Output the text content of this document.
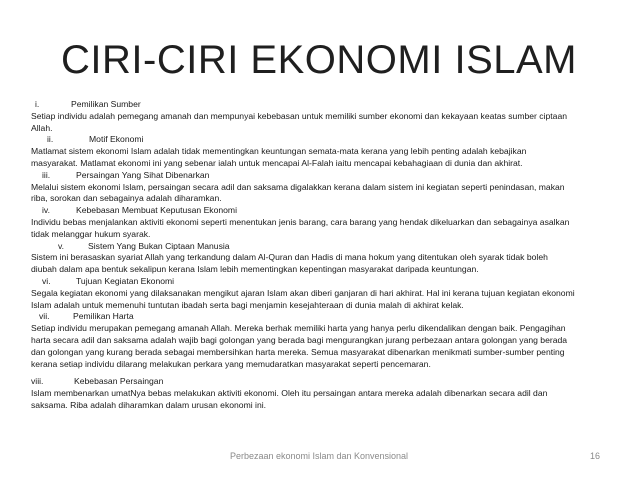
CIRI-CIRI EKONOMI ISLAM
i.	Pemilikan Sumber
Setiap individu adalah pemegang amanah dan mempunyai kebebasan untuk memiliki sumber ekonomi dan kekayaan keatas sumber ciptaan
Allah.
ii.	Motif Ekonomi
Matlamat sistem ekonomi Islam adalah tidak mementingkan keuntungan semata-mata kerana yang lebih penting adalah kebajikan
masyarakat. Matlamat ekonomi ini yang sebenar ialah untuk mencapai Al-Falah iaitu mencapai kebahagiaan di dunia dan akhirat.
iii.	Persaingan Yang Sihat Dibenarkan
Melalui sistem ekonomi Islam, persaingan secara adil dan saksama digalakkan kerana dalam sistem ini kegiatan seperti penindasan, makan
riba, sorokan dan sebagainya adalah diharamkan.
iv.	Kebebasan Membuat Keputusan Ekonomi
Individu bebas menjalankan aktiviti ekonomi seperti menentukan jenis barang, cara barang yang hendak dikeluarkan dan sebagainya asalkan
tidak melanggar hukum syarak.
v.	Sistem Yang Bukan Ciptaan Manusia
Sistem ini berasaskan syariat Allah yang terkandung dalam Al-Quran dan Hadis di mana hokum yang ditentukan oleh syarak tidak boleh
diubah dalam apa bentuk sekalipun kerana Islam lebih mementingkan kepentingan masyarakat daripada keuntungan.
vi.	Tujuan Kegiatan Ekonomi
Segala kegiatan ekonomi yang dilaksanakan mengikut ajaran Islam akan diberi ganjaran di hari akhirat. Hal ini kerana tujuan kegiatan ekonomi
Islam adalah untuk memenuhi tuntutan ibadah serta bagi menjamin kesejahteraan di dunia malah di akhirat kelak.
vii.	Pemilikan Harta
Setiap individu merupakan pemegang amanah Allah. Mereka berhak memiliki harta yang hanya perlu dikendalikan dengan baik. Pengagihan
harta secara adil dan saksama adalah wajib bagi golongan yang berada bagi mengurangkan jurang perbezaan antara golongan yang berada
dan golongan yang kurang berada sebagai membersihkan harta mereka. Semua masyarakat dibenarkan menikmati sumber-sumber penting
kerana setiap individu dilarang melakukan perkara yang memudaratkan masyarakat seperti pencemaran.
viii.	Kebebasan Persaingan
Islam membenarkan umatNya bebas melakukan aktiviti ekonomi. Oleh itu persaingan antara mereka adalah dibenarkan secara adil dan
saksama. Riba adalah diharamkan dalam urusan ekonomi ini.
Perbezaan ekonomi Islam dan Konvensional	16
